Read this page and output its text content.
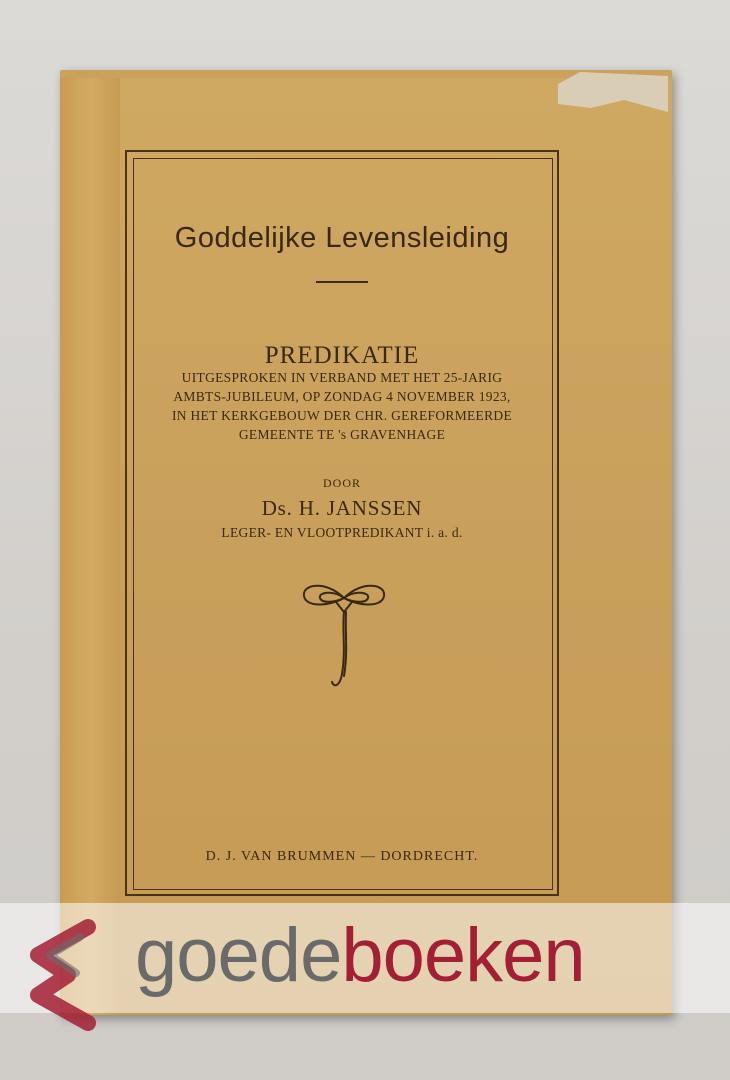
Goddelijke Levensleiding
PREDIKATIE
UITGESPROKEN IN VERBAND MET HET 25-JARIG
AMBTS-JUBILEUM, OP ZONDAG 4 NOVEMBER 1923,
IN HET KERKGEBOUW DER CHR. GEREFORMEERDE
GEMEENTE TE 's GRAVENHAGE
DOOR
Ds. H. JANSSEN
LEGER- EN VLOOTPREDIKANT i. a. d.
D. J. VAN BRUMMEN — DORDRECHT.
goedeboeken
